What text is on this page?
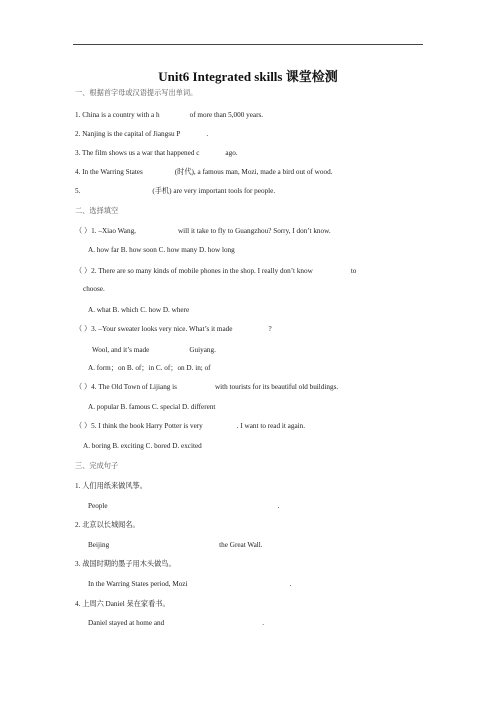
Unit6 Integrated skills 课堂检测
一、根据首字母或汉语提示写出单词。
1. China is a country with a h	of more than 5,000 years.
2. Nanjing is the capital of Jiangsu P	.
3. The film shows us a war that happened c	ago.
4. In the Warring States	(时代), a famous man, Mozi, made a bird out of wood.
5.	(手机) are very important tools for people.
二、选择填空
（ ）1. –Xiao Wang,	will it take to fly to Guangzhou? Sorry, I don’t know.
A. how far B. how soon C. how many D. how long
（ ）2. There are so many kinds of mobile phones in the shop. I really don’t know	to
choose.
A. what B. which C. how D. where
（ ）3. –Your sweater looks very nice. What’s it made	?
Wool, and it’s made	Guiyang.
A. form；on B. of；in C. of；on D. in; of
（ ）4. The Old Town of Lijiang is	with tourists for its beautiful old buildings.
A. popular B. famous C. special D. different
（ ）5. I think the book Harry Potter is very	. I want to read it again.
A. boring B. exciting C. bored D. excited
三、完成句子
1. 人们用纸来做风筝。
People	.
2. 北京以长城闻名。
Beijing	the Great Wall.
3. 战国时期的墨子用木头做鸟。
In the Warring States period, Mozi	.
4. 上周六 Daniel 呆在家看书。
Daniel stayed at home and	.
